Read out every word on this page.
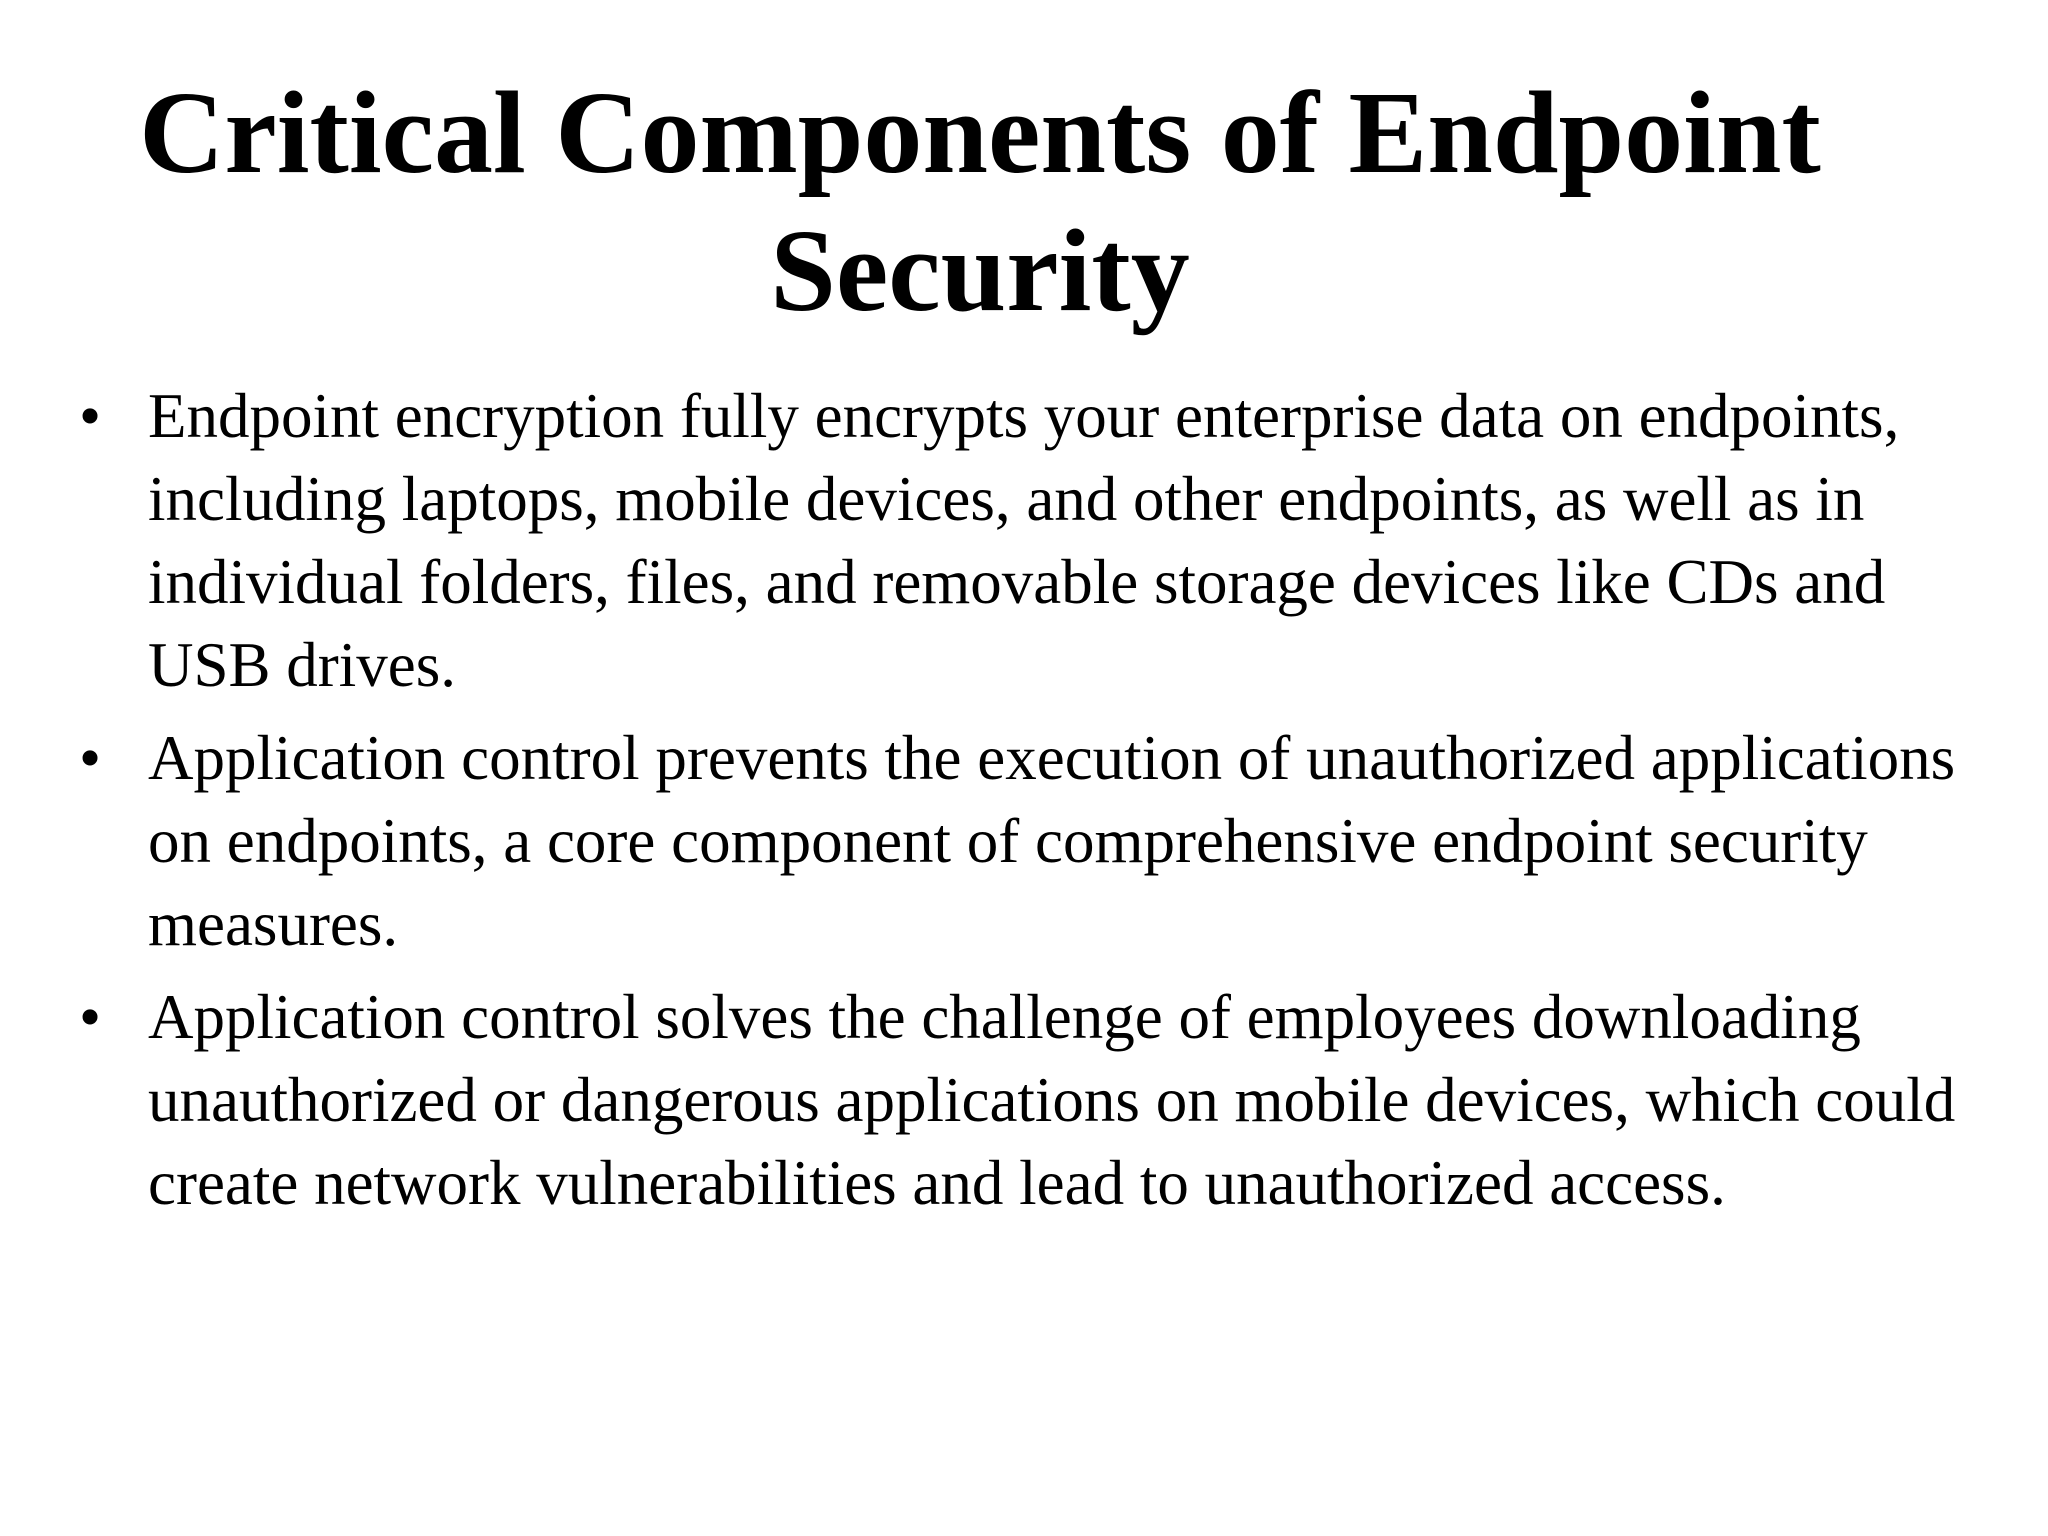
Critical Components of Endpoint
Security
• Endpoint encryption fully encrypts your enterprise data on endpoints, including laptops, mobile devices, and other endpoints, as well as in individual folders, files, and removable storage devices like CDs and USB drives.
• Application control prevents the execution of unauthorized applications on endpoints, a core component of comprehensive endpoint security measures.
• Application control solves the challenge of employees downloading unauthorized or dangerous applications on mobile devices, which could create network vulnerabilities and lead to unauthorized access.
